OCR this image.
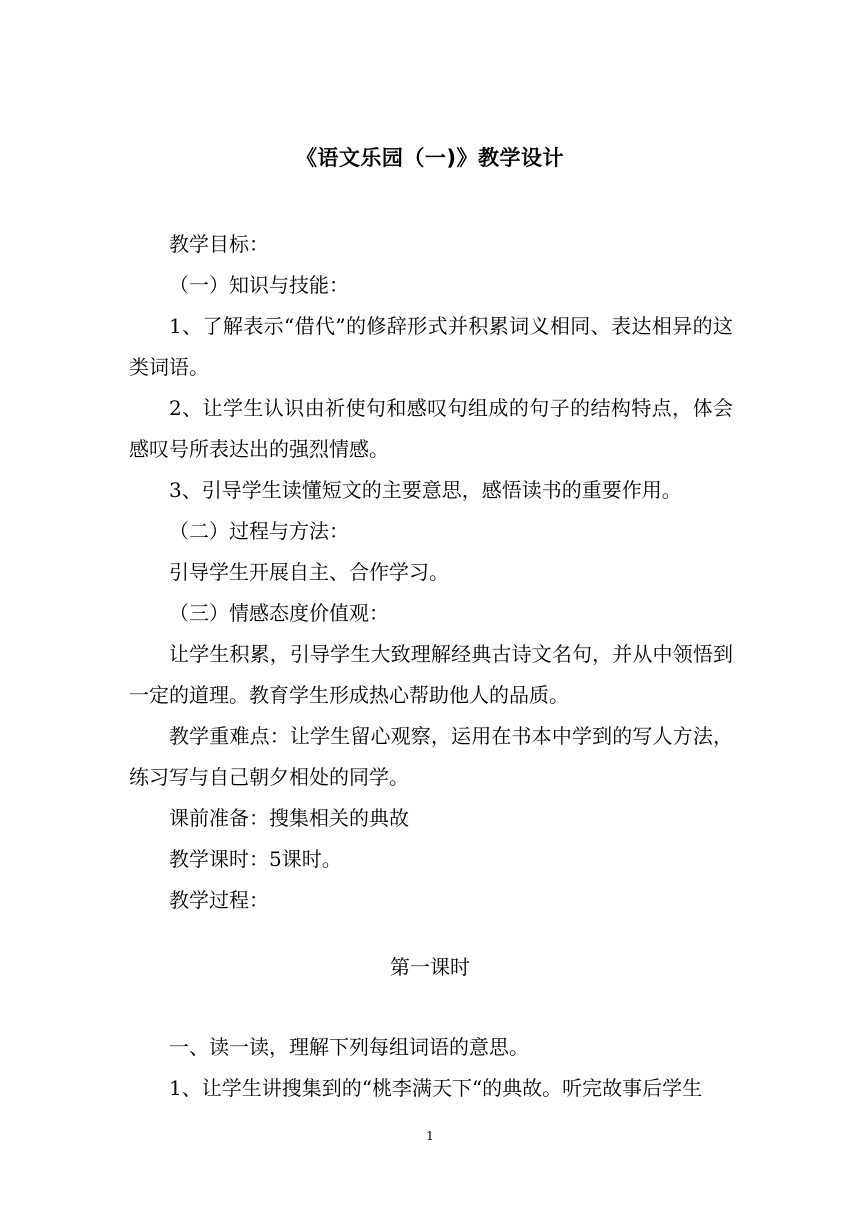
《语文乐园（一)》教学设计

教学目标：

（一）知识与技能：

1、了解表示“借代”的修辞形式并积累词义相同、表达相异的这类词语。

2、让学生认识由祈使句和感叹句组成的句子的结构特点，体会感叹号所表达出的强烈情感。

3、引导学生读懂短文的主要意思，感悟读书的重要作用。

（二）过程与方法：

引导学生开展自主、合作学习。

（三）情感态度价值观：

让学生积累，引导学生大致理解经典古诗文名句，并从中领悟到一定的道理。教育学生形成热心帮助他人的品质。

教学重难点：让学生留心观察，运用在书本中学到的写人方法，练习写与自己朝夕相处的同学。

课前准备：搜集相关的典故

教学课时：5课时。

教学过程：

第一课时

一、读一读，理解下列每组词语的意思。

1、让学生讲搜集到的“桃李满天下“的典故。听完故事后学生

1
